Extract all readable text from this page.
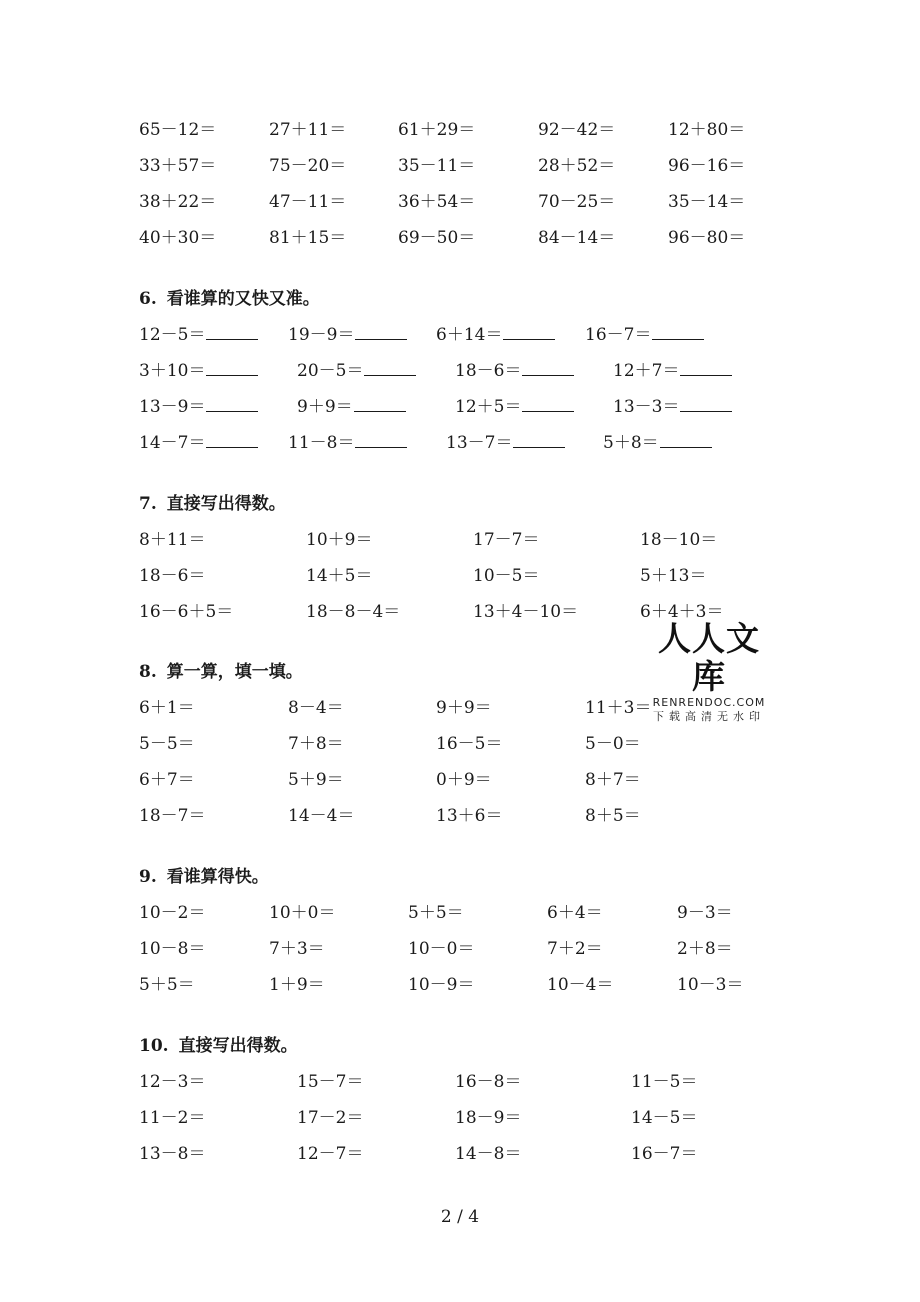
65－12＝	27＋11＝	61＋29＝	92－42＝	12＋80＝
33＋57＝	75－20＝	35－11＝	28＋52＝	96－16＝
38＋22＝	47－11＝	36＋54＝	70－25＝	35－14＝
40＋30＝	81＋15＝	69－50＝	84－14＝	96－80＝
6. 看谁算的又快又准。
12－5＝	19－9＝	6＋14＝	16－7＝
3＋10＝	20－5＝	18－6＝	12＋7＝
13－9＝	9＋9＝	12＋5＝	13－3＝
14－7＝	11－8＝	13－7＝	5＋8＝
7. 直接写出得数。
8＋11＝	10＋9＝	17－7＝	18－10＝
18－6＝	14＋5＝	10－5＝	5＋13＝
16－6＋5＝	18－8－4＝	13＋4－10＝	6＋4＋3＝
人人文库
RENRENDOC.COM
下载高清无水印
8. 算一算，填一填。
6＋1＝	8－4＝	9＋9＝	11＋3＝
5－5＝	7＋8＝	16－5＝	5－0＝
6＋7＝	5＋9＝	0＋9＝	8＋7＝
18－7＝	14－4＝	13＋6＝	8＋5＝
9. 看谁算得快。
10－2＝	10＋0＝	5＋5＝	6＋4＝	9－3＝
10－8＝	7＋3＝	10－0＝	7＋2＝	2＋8＝
5＋5＝	1＋9＝	10－9＝	10－4＝	10－3＝
10. 直接写出得数。
12－3＝	15－7＝	16－8＝	11－5＝
11－2＝	17－2＝	18－9＝	14－5＝
13－8＝	12－7＝	14－8＝	16－7＝
2 / 4
